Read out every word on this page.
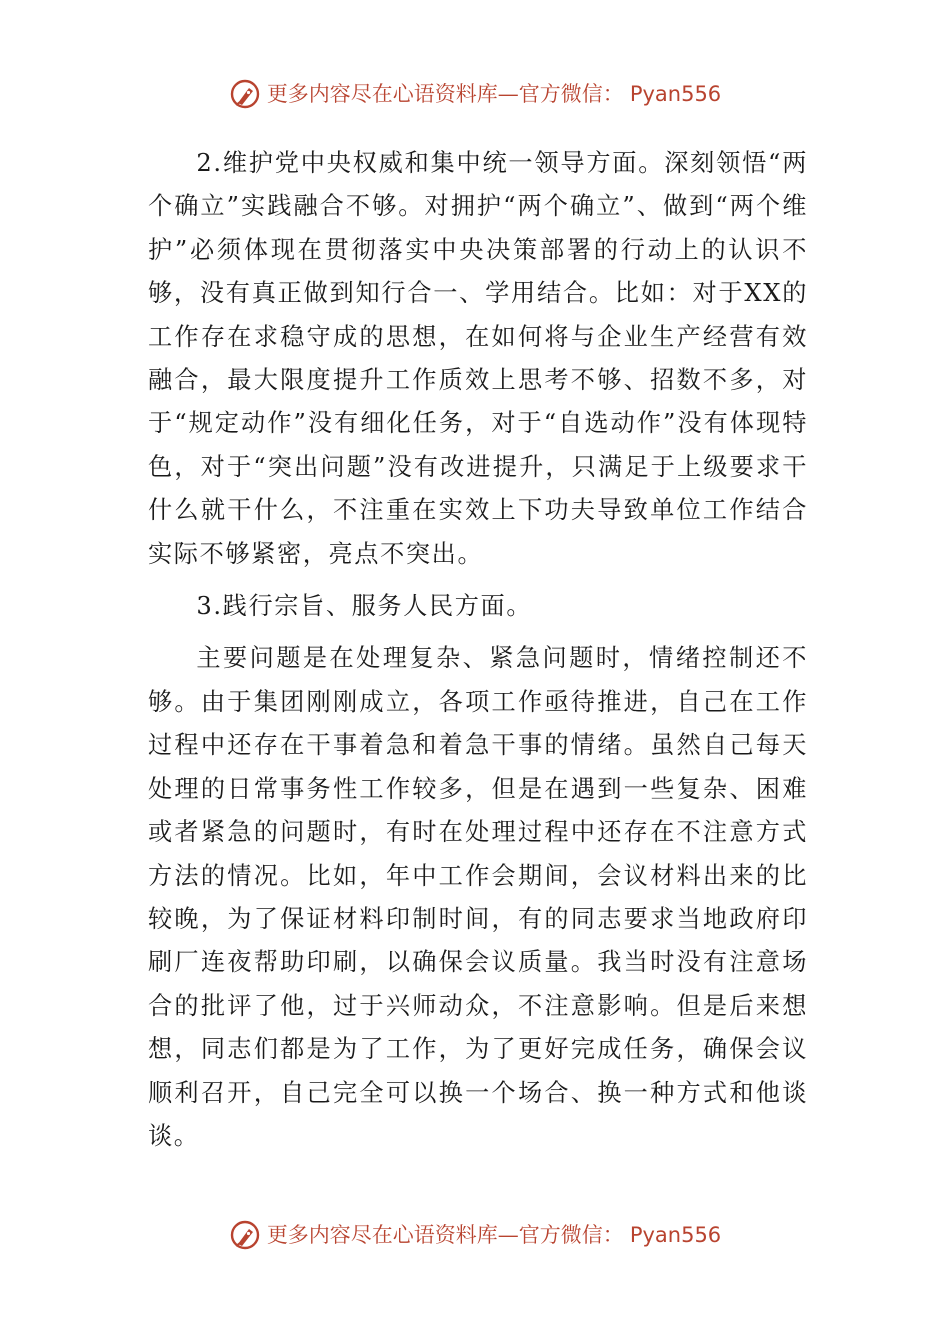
更多内容尽在心语资料库—官方微信： Pyan556

2.维护党中央权威和集中统一领导方面。深刻领悟“两个确立”实践融合不够。对拥护“两个确立”、做到“两个维护”必须体现在贯彻落实中央决策部署的行动上的认识不够，没有真正做到知行合一、学用结合。比如：对于XX的工作存在求稳守成的思想，在如何将与企业生产经营有效融合，最大限度提升工作质效上思考不够、招数不多，对于“规定动作”没有细化任务，对于“自选动作”没有体现特色，对于“突出问题”没有改进提升，只满足于上级要求干什么就干什么，不注重在实效上下功夫导致单位工作结合实际不够紧密，亮点不突出。

3.践行宗旨、服务人民方面。

主要问题是在处理复杂、紧急问题时，情绪控制还不够。由于集团刚刚成立，各项工作亟待推进，自己在工作过程中还存在干事着急和着急干事的情绪。虽然自己每天处理的日常事务性工作较多，但是在遇到一些复杂、困难或者紧急的问题时，有时在处理过程中还存在不注意方式方法的情况。比如，年中工作会期间，会议材料出来的比较晚，为了保证材料印制时间，有的同志要求当地政府印刷厂连夜帮助印刷，以确保会议质量。我当时没有注意场合的批评了他，过于兴师动众，不注意影响。但是后来想想，同志们都是为了工作，为了更好完成任务，确保会议顺利召开，自己完全可以换一个场合、换一种方式和他谈谈。

更多内容尽在心语资料库—官方微信： Pyan556
